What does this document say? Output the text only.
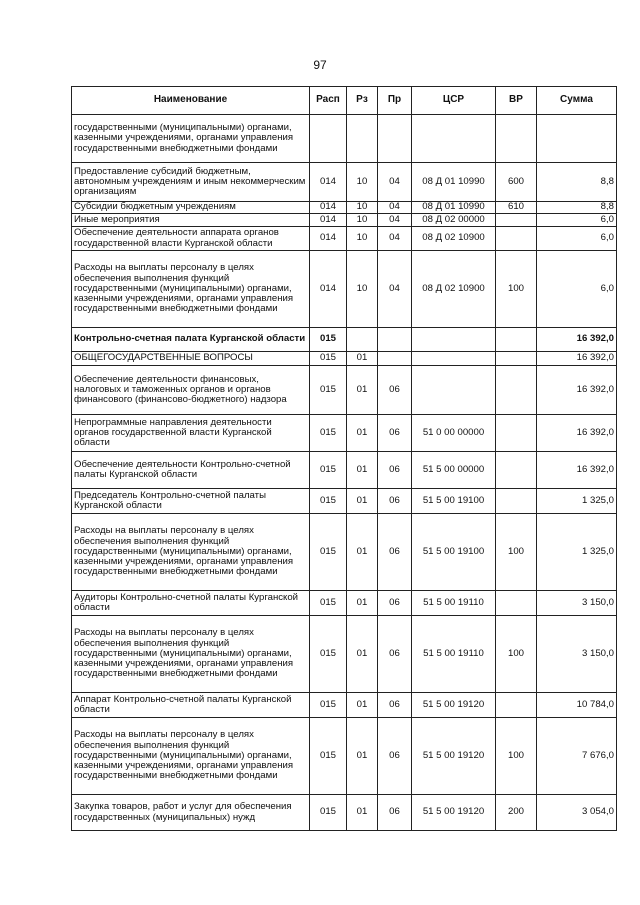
97
Наименование	Расп	Рз	Пр	ЦСР	ВР	Сумма
государственными (муниципальными) органами, казенными учреждениями, органами управления государственными внебюджетными фондами						
Предоставление субсидий бюджетным, автономным учреждениям и иным некоммерческим организациям	014	10	04	08 Д 01 10990	600	8,8
Субсидии бюджетным учреждениям	014	10	04	08 Д 01 10990	610	8,8
Иные мероприятия	014	10	04	08 Д 02 00000		6,0
Обеспечение деятельности аппарата органов государственной власти Курганской области	014	10	04	08 Д 02 10900		6,0
Расходы на выплаты персоналу в целях обеспечения выполнения функций государственными (муниципальными) органами, казенными учреждениями, органами управления государственными внебюджетными фондами	014	10	04	08 Д 02 10900	100	6,0
Контрольно-счетная палата Курганской области	015					16 392,0
ОБЩЕГОСУДАРСТВЕННЫЕ ВОПРОСЫ	015	01				16 392,0
Обеспечение деятельности финансовых, налоговых и таможенных органов и органов финансового (финансово-бюджетного) надзора	015	01	06			16 392,0
Непрограммные направления деятельности органов государственной власти Курганской области	015	01	06	51 0 00 00000		16 392,0
Обеспечение деятельности Контрольно-счетной палаты Курганской области	015	01	06	51 5 00 00000		16 392,0
Председатель Контрольно-счетной палаты Курганской области	015	01	06	51 5 00 19100		1 325,0
Расходы на выплаты персоналу в целях обеспечения выполнения функций государственными (муниципальными) органами, казенными учреждениями, органами управления государственными внебюджетными фондами	015	01	06	51 5 00 19100	100	1 325,0
Аудиторы Контрольно-счетной палаты Курганской области	015	01	06	51 5 00 19110		3 150,0
Расходы на выплаты персоналу в целях обеспечения выполнения функций государственными (муниципальными) органами, казенными учреждениями, органами управления государственными внебюджетными фондами	015	01	06	51 5 00 19110	100	3 150,0
Аппарат Контрольно-счетной палаты Курганской области	015	01	06	51 5 00 19120		10 784,0
Расходы на выплаты персоналу в целях обеспечения выполнения функций государственными (муниципальными) органами, казенными учреждениями, органами управления государственными внебюджетными фондами	015	01	06	51 5 00 19120	100	7 676,0
Закупка товаров, работ и услуг для обеспечения государственных (муниципальных) нужд	015	01	06	51 5 00 19120	200	3 054,0
